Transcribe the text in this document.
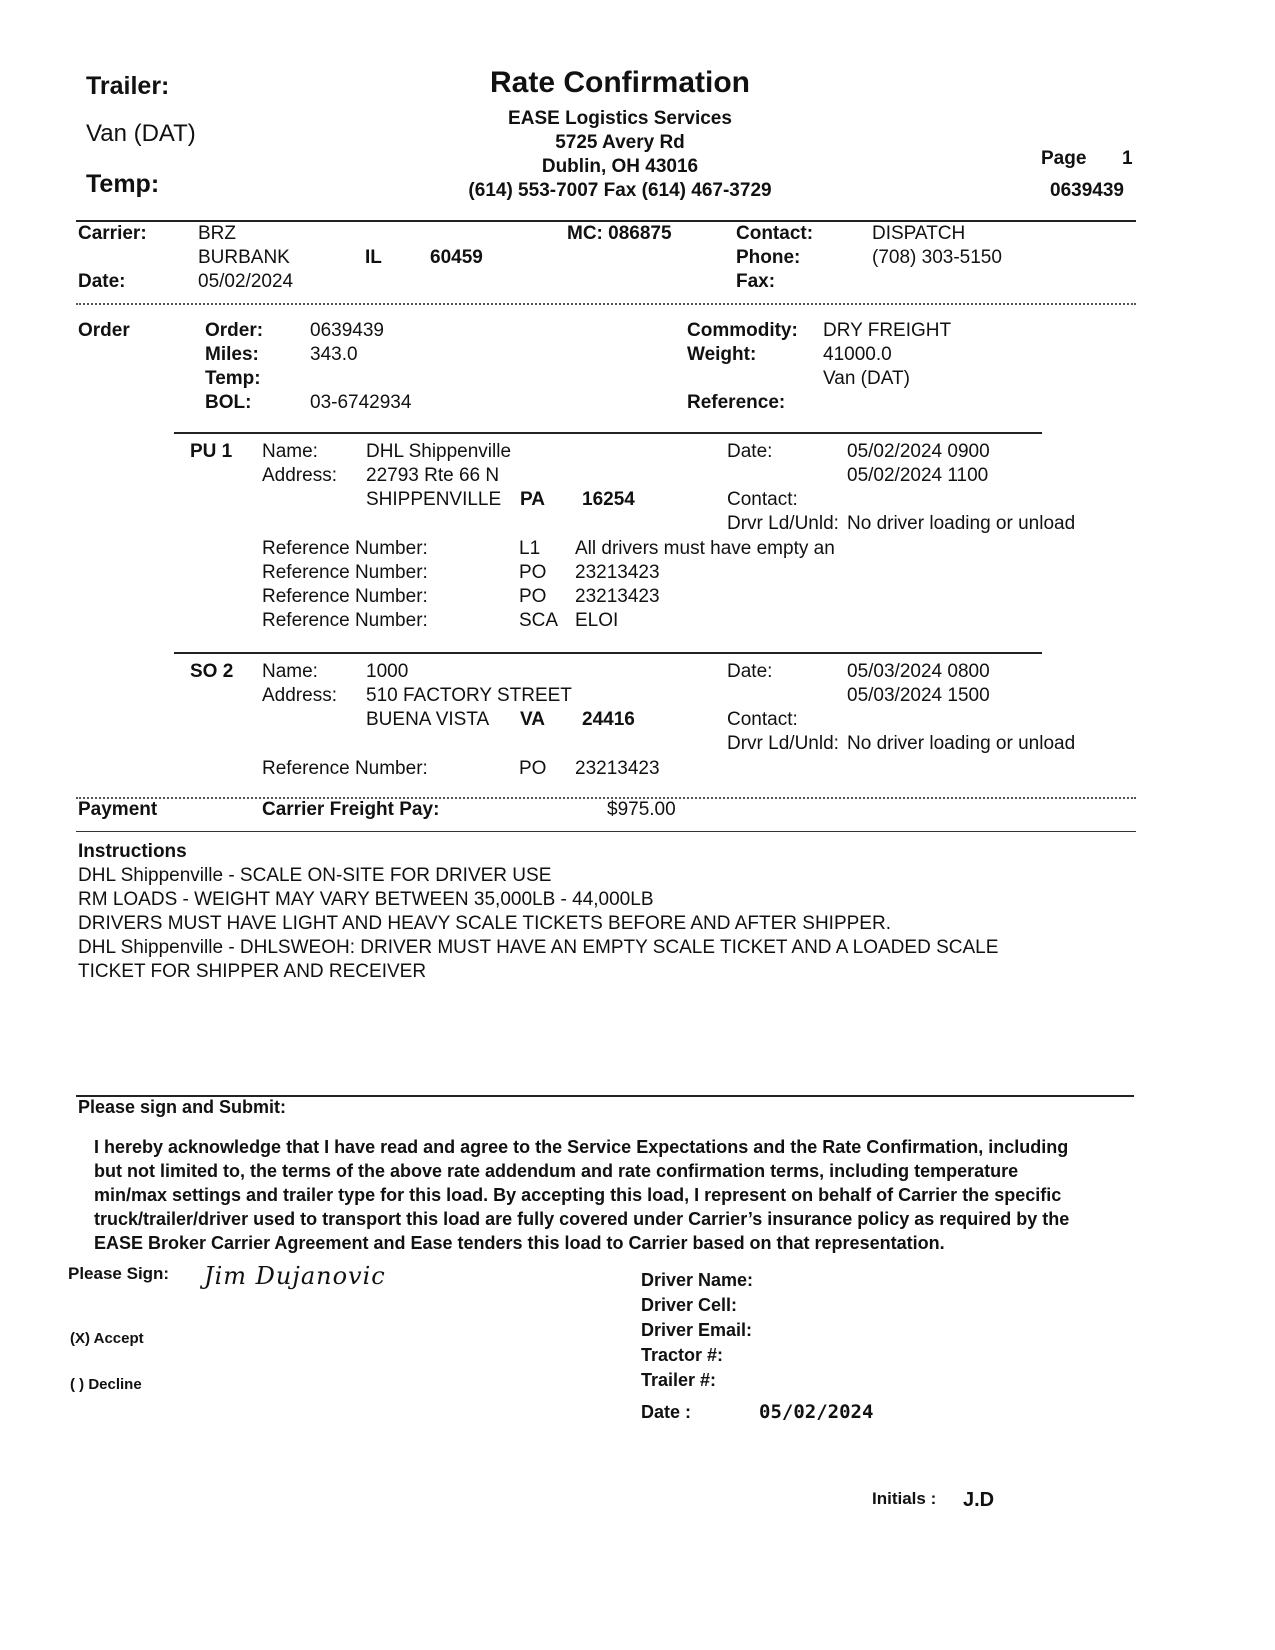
Trailer:
Van (DAT)
Temp:
Rate Confirmation
EASE Logistics Services
5725 Avery Rd
Dublin, OH 43016
(614) 553-7007 Fax (614) 467-3729
Page 1
0639439
Carrier:	BRZ
BURBANK	IL	60459
Date:	05/02/2024
MC: 086875	Contact:	DISPATCH
Phone:	(708) 303-5150
Fax:
Order	Order: 0639439
Miles:	343.0
Temp:
BOL:	03-6742934
Commodity: DRY FREIGHT
Weight:	41000.0
Van (DAT)
Reference:
PU 1 Name:	DHL Shippenville
Address: 22793 Rte 66 N
SHIPPENVILLE PA 16254
Date:	05/02/2024 0900
05/02/2024 1100
Contact:
Drvr Ld/Unld: No driver loading or unload
Reference Number:	L1 All drivers must have empty an
Reference Number:	PO 23213423
Reference Number:	PO 23213423
Reference Number:	SCA ELOI
SO 2 Name:	1000
Address: 510 FACTORY STREET
BUENA VISTA VA 24416
Date:	05/03/2024 0800
05/03/2024 1500
Contact:
Drvr Ld/Unld: No driver loading or unload
Reference Number:	PO 23213423
Payment	Carrier Freight Pay:	$975.00
Instructions
DHL Shippenville - SCALE ON-SITE FOR DRIVER USE
RM LOADS - WEIGHT MAY VARY BETWEEN 35,000LB - 44,000LB
DRIVERS MUST HAVE LIGHT AND HEAVY SCALE TICKETS BEFORE AND AFTER SHIPPER.
DHL Shippenville - DHLSWEOH: DRIVER MUST HAVE AN EMPTY SCALE TICKET AND A LOADED SCALE
TICKET FOR SHIPPER AND RECEIVER
Please sign and Submit:
I hereby acknowledge that I have read and agree to the Service Expectations and the Rate Confirmation, including
but not limited to, the terms of the above rate addendum and rate confirmation terms, including temperature
min/max settings and trailer type for this load. By accepting this load, I represent on behalf of Carrier the specific
truck/trailer/driver used to transport this load are fully covered under Carrier’s insurance policy as required by the
EASE Broker Carrier Agreement and Ease tenders this load to Carrier based on that representation.
Please Sign: Jim Dujanovic
(X) Accept
( ) Decline
Driver Name:
Driver Cell:
Driver Email:
Tractor #:
Trailer #:
Date :	05/02/2024
Initials : J.D
